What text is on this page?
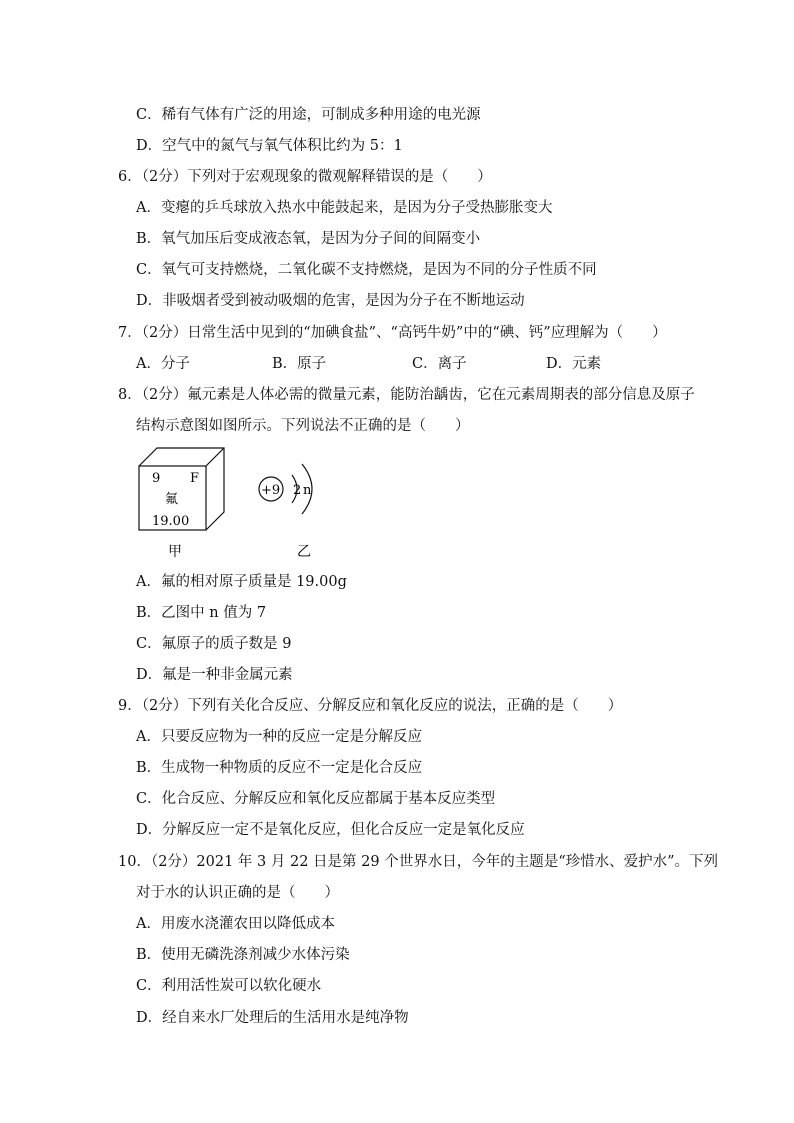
C．稀有气体有广泛的用途，可制成多种用途的电光源
D．空气中的氮气与氧气体积比约为 5：1
6．（2分）下列对于宏观现象的微观解释错误的是（　　）
A．变瘪的乒乓球放入热水中能鼓起来，是因为分子受热膨胀变大
B．氧气加压后变成液态氧，是因为分子间的间隔变小
C．氧气可支持燃烧，二氧化碳不支持燃烧，是因为不同的分子性质不同
D．非吸烟者受到被动吸烟的危害，是因为分子在不断地运动
7．（2分）日常生活中见到的“加碘食盐”、“高钙牛奶”中的“碘、钙”应理解为（　　）
A．分子	B．原子	C．离子	D．元素
8．（2分）氟元素是人体必需的微量元素，能防治龋齿，它在元素周期表的部分信息及原子
结构示意图如图所示。下列说法不正确的是（　　）
9 F
氟
19.00
+9 2 n
甲	乙
A．氟的相对原子质量是 19.00g
B．乙图中 n 值为 7
C．氟原子的质子数是 9
D．氟是一种非金属元素
9．（2分）下列有关化合反应、分解反应和氧化反应的说法，正确的是（　　）
A．只要反应物为一种的反应一定是分解反应
B．生成物一种物质的反应不一定是化合反应
C．化合反应、分解反应和氧化反应都属于基本反应类型
D．分解反应一定不是氧化反应，但化合反应一定是氧化反应
10．（2分）2021 年 3 月 22 日是第 29 个世界水日，今年的主题是“珍惜水、爱护水”。下列
对于水的认识正确的是（　　）
A．用废水浇灌农田以降低成本
B．使用无磷洗涤剂减少水体污染
C．利用活性炭可以软化硬水
D．经自来水厂处理后的生活用水是纯净物
